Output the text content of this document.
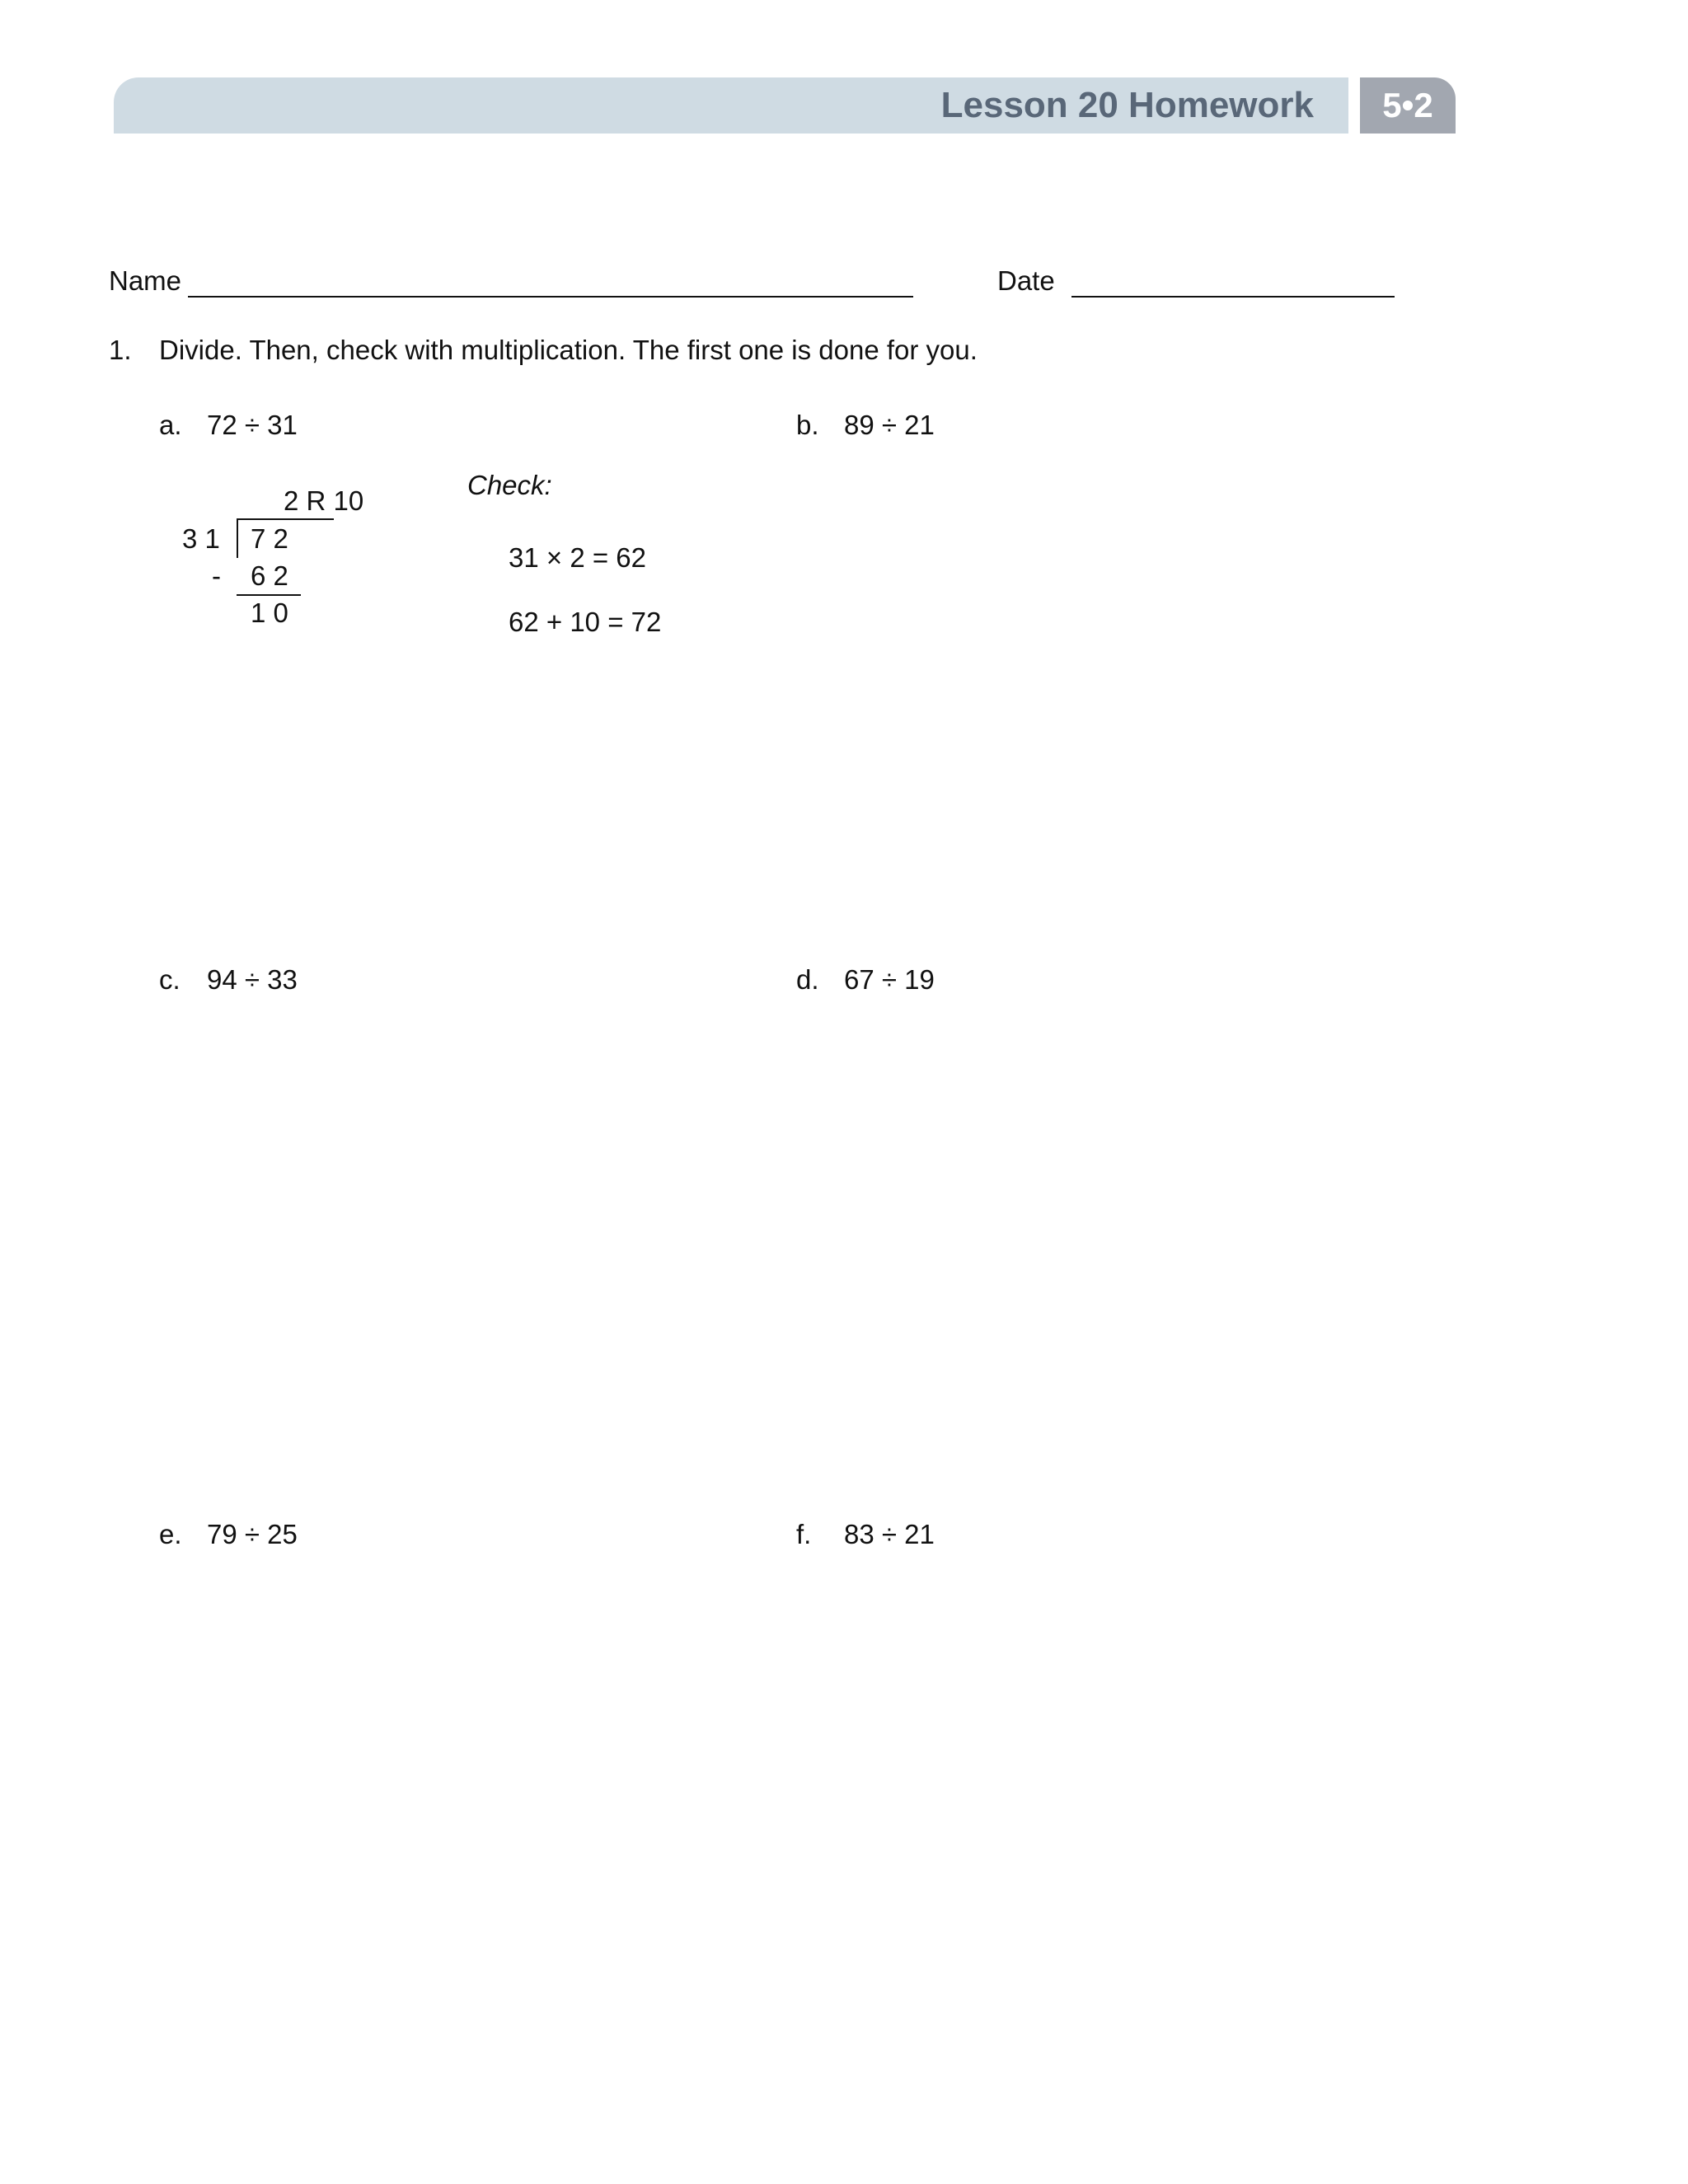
Lesson 20 Homework	5•2
Name	Date
1. Divide. Then, check with multiplication. The first one is done for you.
a. 72 ÷ 31	b. 89 ÷ 21
c. 94 ÷ 33	d. 67 ÷ 19
e. 79 ÷ 25	f. 83 ÷ 21
2 R 10
3 1 7 2
- 6 2
1 0
Check:
31 × 2 = 62
62 + 10 = 72
